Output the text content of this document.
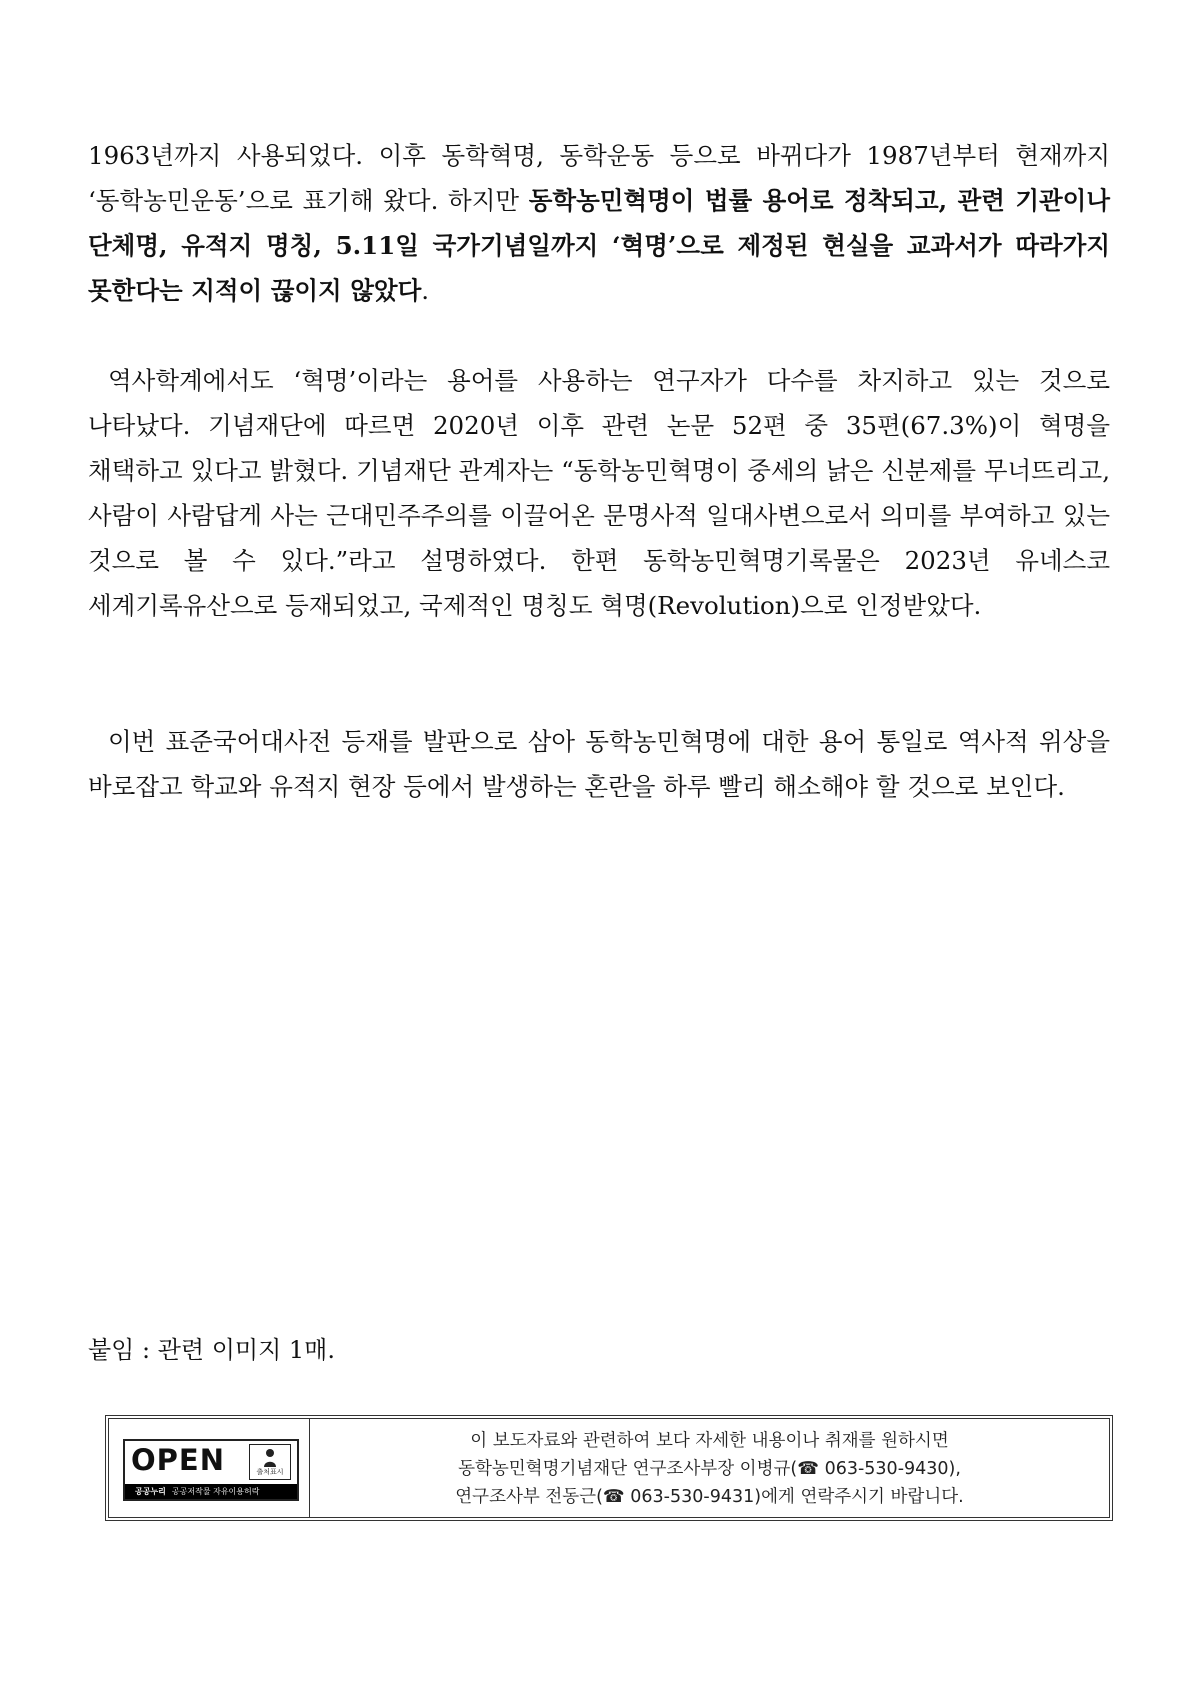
1963년까지 사용되었다. 이후 동학혁명, 동학운동 등으로 바뀌다가 1987년부터 현재까지 ‘동학농민운동’으로 표기해 왔다. 하지만 동학농민혁명이 법률 용어로 정착되고, 관련 기관이나 단체명, 유적지 명칭, 5.11일 국가기념일까지 ‘혁명’으로 제정된 현실을 교과서가 따라가지 못한다는 지적이 끊이지 않았다.
역사학계에서도 ‘혁명’이라는 용어를 사용하는 연구자가 다수를 차지하고 있는 것으로 나타났다. 기념재단에 따르면 2020년 이후 관련 논문 52편 중 35편(67.3%)이 혁명을 채택하고 있다고 밝혔다. 기념재단 관계자는 “동학농민혁명이 중세의 낡은 신분제를 무너뜨리고, 사람이 사람답게 사는 근대민주주의를 이끌어온 문명사적 일대사변으로서 의미를 부여하고 있는 것으로 볼 수 있다.”라고 설명하였다. 한편 동학농민혁명기록물은 2023년 유네스코 세계기록유산으로 등재되었고, 국제적인 명칭도 혁명(Revolution)으로 인정받았다.
이번 표준국어대사전 등재를 발판으로 삼아 동학농민혁명에 대한 용어 통일로 역사적 위상을 바로잡고 학교와 유적지 현장 등에서 발생하는 혼란을 하루 빨리 해소해야 할 것으로 보인다.
붙임 : 관련 이미지 1매.
OPEN	출처표시
공공누리 공공저작물 자유이용허락
이 보도자료와 관련하여 보다 자세한 내용이나 취재를 원하시면
동학농민혁명기념재단 연구조사부장 이병규(☎ 063-530-9430),
연구조사부 전동근(☎ 063-530-9431)에게 연락주시기 바랍니다.
